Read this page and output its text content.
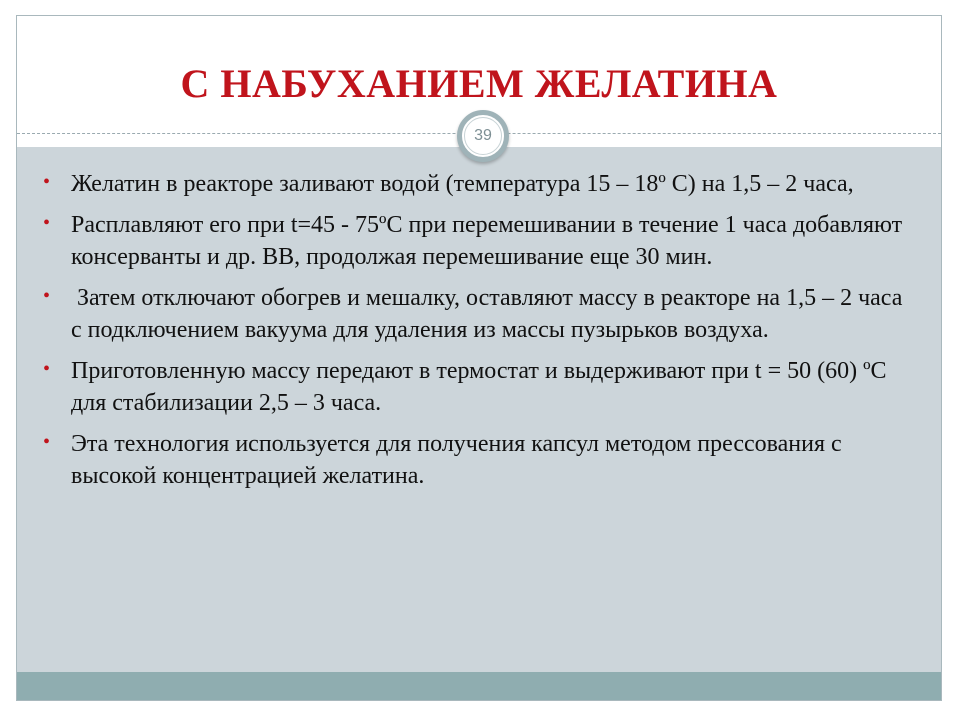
С НАБУХАНИЕМ ЖЕЛАТИНА
39
• Желатин в реакторе заливают водой (температура 15 – 18º С) на 1,5 – 2 часа,
• Расплавляют его при t=45 - 75ºС при перемешивании в течение 1 часа добавляют консерванты и др. ВВ, продолжая перемешивание еще 30 мин.
• Затем отключают обогрев и мешалку, оставляют массу в реакторе на 1,5 – 2 часа с подключением вакуума для удаления из массы пузырьков воздуха.
• Приготовленную массу передают в термостат и выдерживают при t = 50 (60) ºС для стабилизации 2,5 – 3 часа.
• Эта технология используется для получения капсул методом прессования с высокой концентрацией желатина.
